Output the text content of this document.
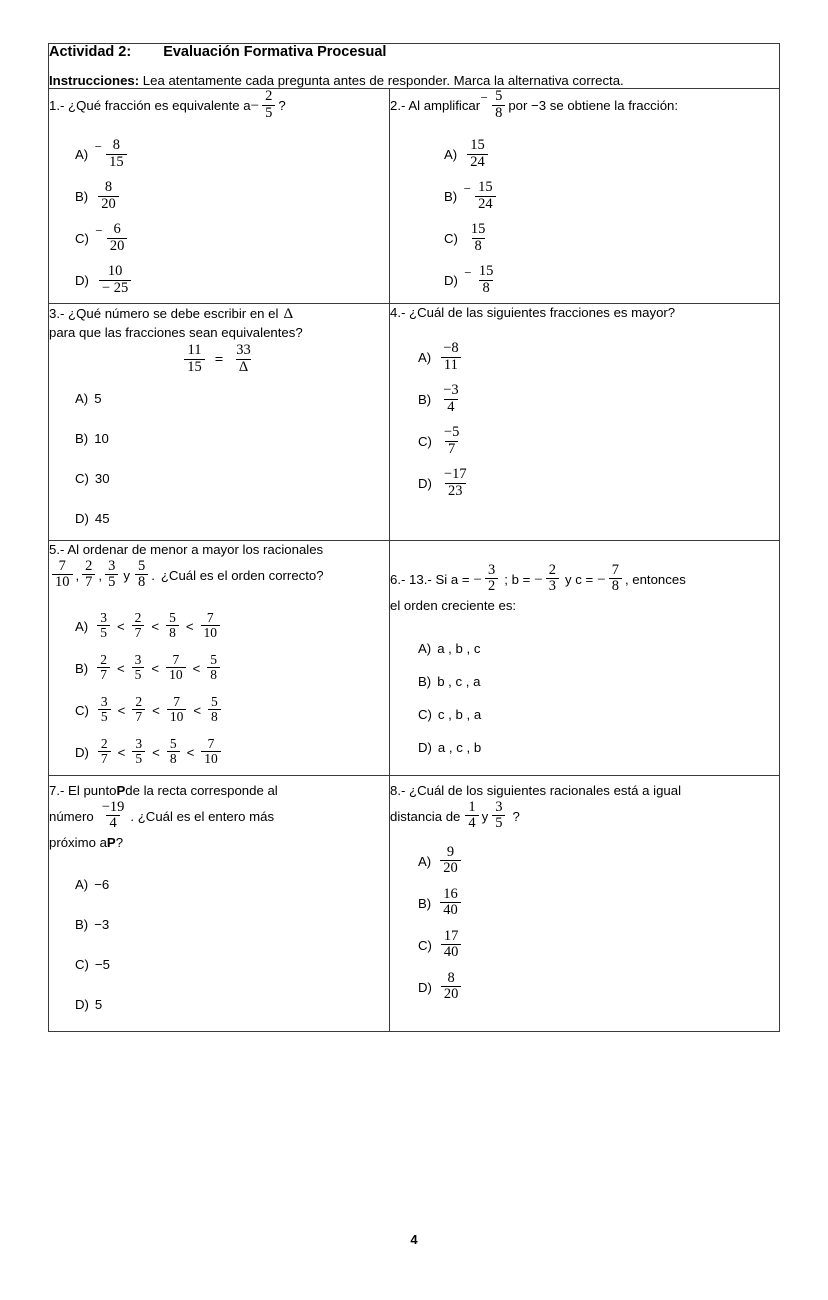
Actividad 2: Evaluación Formativa Procesual
Instrucciones: Lea atentamente cada pregunta antes de responder. Marca la alternativa correcta.	

1.- ¿Qué fracción es equivalente $a - \frac{2}{5}$ ?
A) ⁻ $\frac{8}{15}$
$B) \frac{8}{20}$
C) ⁻ $\frac{6}{20}$
$D) \frac{10}{- 25}$

2.- Al amplificar ⁻ $\frac{5}{8}$ por −3 se obtiene la fracción:
$A) \frac{15}{24}$
B) ⁻ $\frac{15}{24}$
$C) \frac{15}{8}$
D) ⁻ $\frac{15}{8}$

3.- ¿Qué número se debe escribir en el Δ
para que las fracciones sean equivalentes?
$\frac{11}{15} = \frac{33}{\Delta}$
A) 5
B) 10
C) 30
D) 45

4.- ¿Cuál de las siguientes fracciones es mayor?
$A) \frac{-8}{11}$
$B) \frac{-3}{4}$
$C) \frac{-5}{7}$
$D) \frac{-17}{23}$

5.- Al ordenar de menor a mayor los racionales
$\frac{7}{10}$ , $\frac{2}{7}$ , $\frac{3}{5}$ y $\frac{5}{8}$ . ¿Cuál es el orden correcto?
$A) \frac{3}{5} < \frac{2}{7} < \frac{5}{8} < \frac{7}{10}$
$B) \frac{2}{7} < \frac{3}{5} < \frac{7}{10} < \frac{5}{8}$
$C) \frac{3}{5} < \frac{2}{7} < \frac{7}{10} < \frac{5}{8}$
$D) \frac{2}{7} < \frac{3}{5} < \frac{5}{8} < \frac{7}{10}$

6.- 13.- Si a = − $\frac{3}{2}$ ; b = − $\frac{2}{3}$ y c = − $\frac{7}{8}$ , entonces
el orden creciente es:
A) a , b , c
B) b , c , a
C) c , b , a
D) a , c , b

7.- El punto P de la recta corresponde al
número $\frac{-19}{4}$ . ¿Cuál es el entero más
próximo a P ?
A) −6
B) −3
C) −5
D) 5

8.- ¿Cuál de los siguientes racionales está a igual
distancia de $\frac{1}{4}$ y $\frac{3}{5}$ ?
$A) \frac{9}{20}$
$B) \frac{16}{40}$
$C) \frac{17}{40}$
$D) \frac{8}{20}$
4
